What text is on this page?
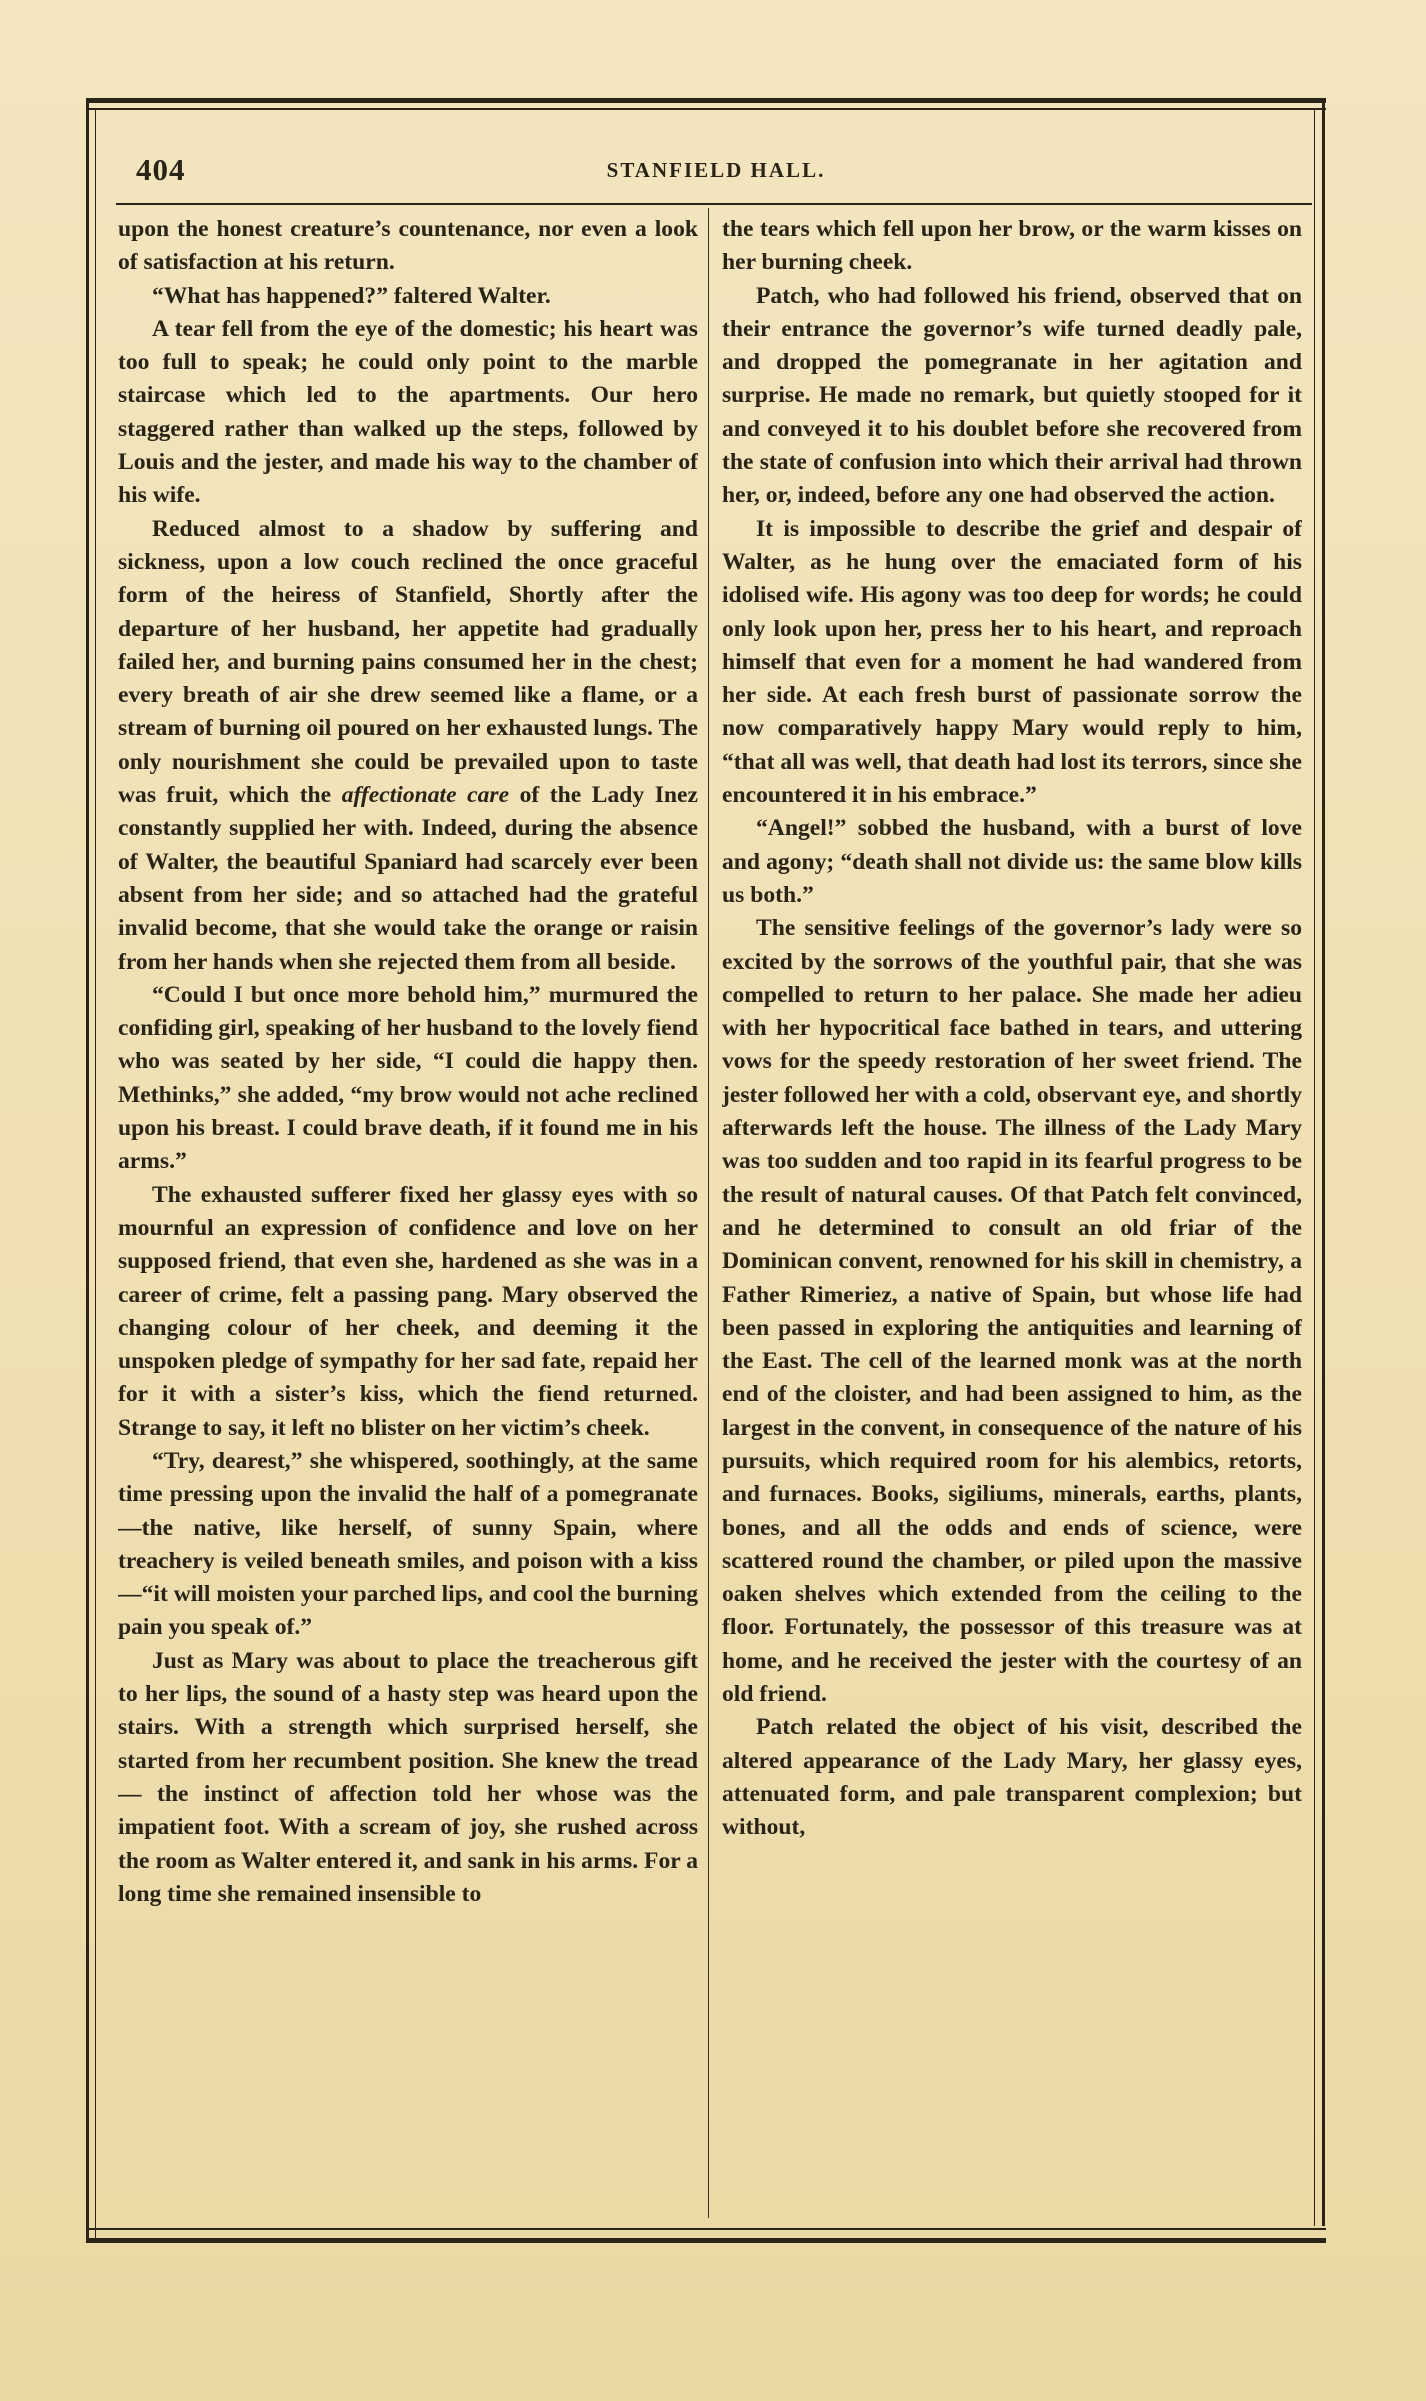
404	STANFIELD HALL.

upon the honest creature’s countenance, nor even a look of satisfaction at his return.

“What has happened?” faltered Walter.

A tear fell from the eye of the domestic; his heart was too full to speak; he could only point to the marble staircase which led to the apartments. Our hero staggered rather than walked up the steps, followed by Louis and the jester, and made his way to the chamber of his wife.

Reduced almost to a shadow by suffering and sickness, upon a low couch reclined the once graceful form of the heiress of Stanfield, Shortly after the departure of her husband, her appetite had gradually failed her, and burning pains consumed her in the chest; every breath of air she drew seemed like a flame, or a stream of burning oil poured on her exhausted lungs. The only nourishment she could be prevailed upon to taste was fruit, which the affectionate care of the Lady Inez constantly supplied her with. Indeed, during the absence of Walter, the beautiful Spaniard had scarcely ever been absent from her side; and so attached had the grateful invalid become, that she would take the orange or raisin from her hands when she rejected them from all beside.

“Could I but once more behold him,” murmured the confiding girl, speaking of her husband to the lovely fiend who was seated by her side, “I could die happy then. Methinks,” she added, “my brow would not ache reclined upon his breast. I could brave death, if it found me in his arms.”

The exhausted sufferer fixed her glassy eyes with so mournful an expression of confidence and love on her supposed friend, that even she, hardened as she was in a career of crime, felt a passing pang. Mary observed the changing colour of her cheek, and deeming it the unspoken pledge of sympathy for her sad fate, repaid her for it with a sister’s kiss, which the fiend returned. Strange to say, it left no blister on her victim’s cheek.

“Try, dearest,” she whispered, soothingly, at the same time pressing upon the invalid the half of a pomegranate—the native, like herself, of sunny Spain, where treachery is veiled beneath smiles, and poison with a kiss —“it will moisten your parched lips, and cool the burning pain you speak of.”

Just as Mary was about to place the treacherous gift to her lips, the sound of a hasty step was heard upon the stairs. With a strength which surprised herself, she started from her recumbent position. She knew the tread — the instinct of affection told her whose was the impatient foot. With a scream of joy, she rushed across the room as Walter entered it, and sank in his arms. For a long time she remained insensible to

the tears which fell upon her brow, or the warm kisses on her burning cheek.

Patch, who had followed his friend, observed that on their entrance the governor’s wife turned deadly pale, and dropped the pomegranate in her agitation and surprise. He made no remark, but quietly stooped for it and conveyed it to his doublet before she recovered from the state of confusion into which their arrival had thrown her, or, indeed, before any one had observed the action.

It is impossible to describe the grief and despair of Walter, as he hung over the emaciated form of his idolised wife. His agony was too deep for words; he could only look upon her, press her to his heart, and reproach himself that even for a moment he had wandered from her side. At each fresh burst of passionate sorrow the now comparatively happy Mary would reply to him, “that all was well, that death had lost its terrors, since she encountered it in his embrace.”

“Angel!” sobbed the husband, with a burst of love and agony; “death shall not divide us: the same blow kills us both.”

The sensitive feelings of the governor’s lady were so excited by the sorrows of the youthful pair, that she was compelled to return to her palace. She made her adieu with her hypocritical face bathed in tears, and uttering vows for the speedy restoration of her sweet friend. The jester followed her with a cold, observant eye, and shortly afterwards left the house. The illness of the Lady Mary was too sudden and too rapid in its fearful progress to be the result of natural causes. Of that Patch felt convinced, and he determined to consult an old friar of the Dominican convent, renowned for his skill in chemistry, a Father Rimeriez, a native of Spain, but whose life had been passed in exploring the antiquities and learning of the East. The cell of the learned monk was at the north end of the cloister, and had been assigned to him, as the largest in the convent, in consequence of the nature of his pursuits, which required room for his alembics, retorts, and furnaces. Books, sigiliums, minerals, earths, plants, bones, and all the odds and ends of science, were scattered round the chamber, or piled upon the massive oaken shelves which extended from the ceiling to the floor. Fortunately, the possessor of this treasure was at home, and he received the jester with the courtesy of an old friend.

Patch related the object of his visit, described the altered appearance of the Lady Mary, her glassy eyes, attenuated form, and pale transparent complexion; but without,
